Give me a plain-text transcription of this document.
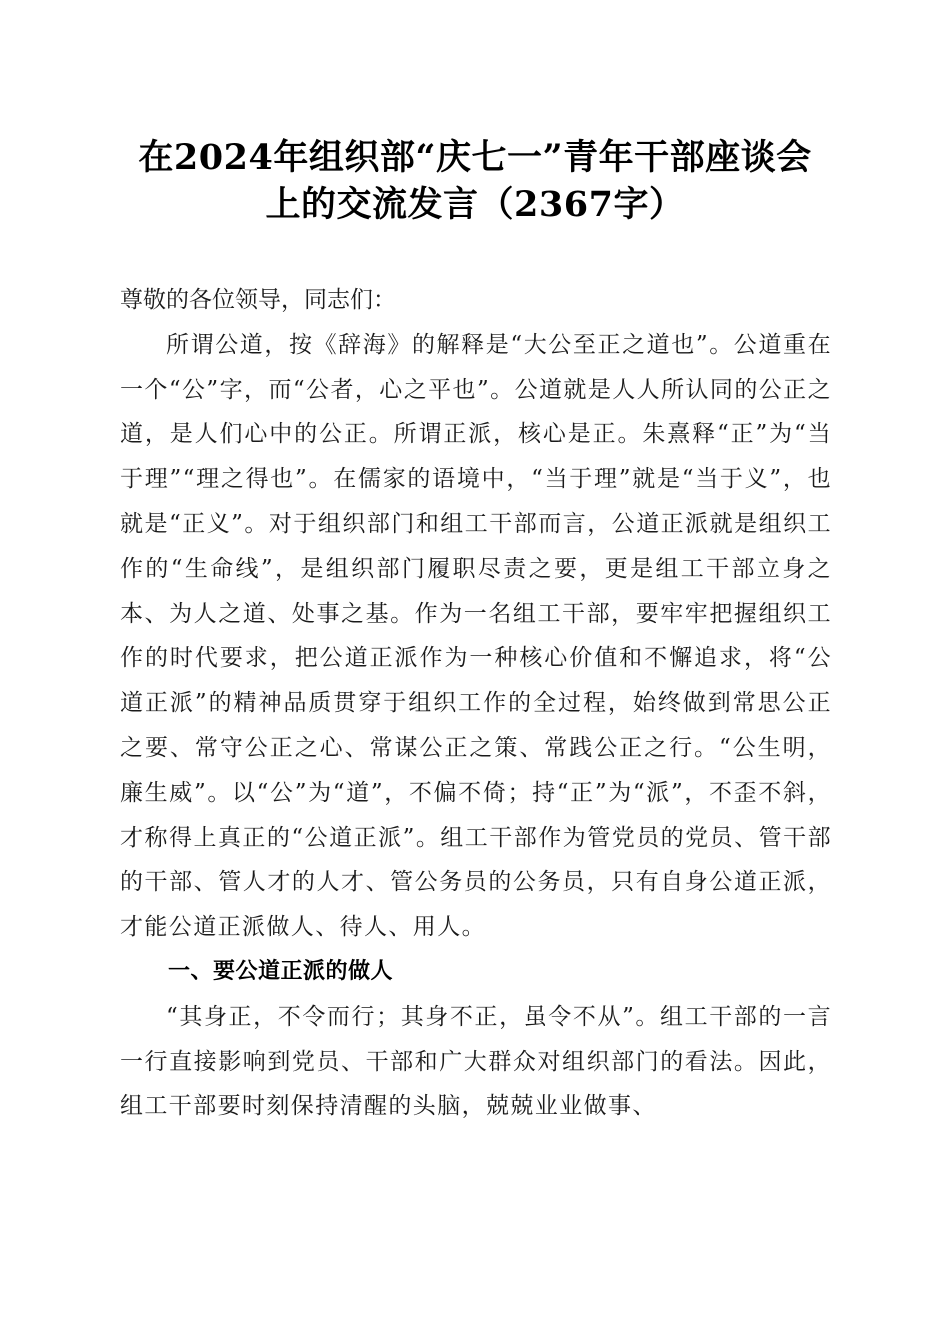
在2024年组织部“庆七一”青年干部座谈会
上的交流发言（2367字）

尊敬的各位领导，同志们：

所谓公道，按《辞海》的解释是“大公至正之道也”。公道重在一个“公”字，而“公者，心之平也”。公道就是人人所认同的公正之道，是人们心中的公正。所谓正派，核心是正。朱熹释“正”为“当于理”“理之得也”。在儒家的语境中，“当于理”就是“当于义”，也就是“正义”。对于组织部门和组工干部而言，公道正派就是组织工作的“生命线”，是组织部门履职尽责之要，更是组工干部立身之本、为人之道、处事之基。作为一名组工干部，要牢牢把握组织工作的时代要求，把公道正派作为一种核心价值和不懈追求，将“公道正派”的精神品质贯穿于组织工作的全过程，始终做到常思公正之要、常守公正之心、常谋公正之策、常践公正之行。“公生明，廉生威”。以“公”为“道”，不偏不倚；持“正”为“派”，不歪不斜，才称得上真正的“公道正派”。组工干部作为管党员的党员、管干部的干部、管人才的人才、管公务员的公务员，只有自身公道正派，才能公道正派做人、待人、用人。

一、要公道正派的做人

“其身正，不令而行；其身不正，虽令不从”。组工干部的一言一行直接影响到党员、干部和广大群众对组织部门的看法。因此，组工干部要时刻保持清醒的头脑，兢兢业业做事、
